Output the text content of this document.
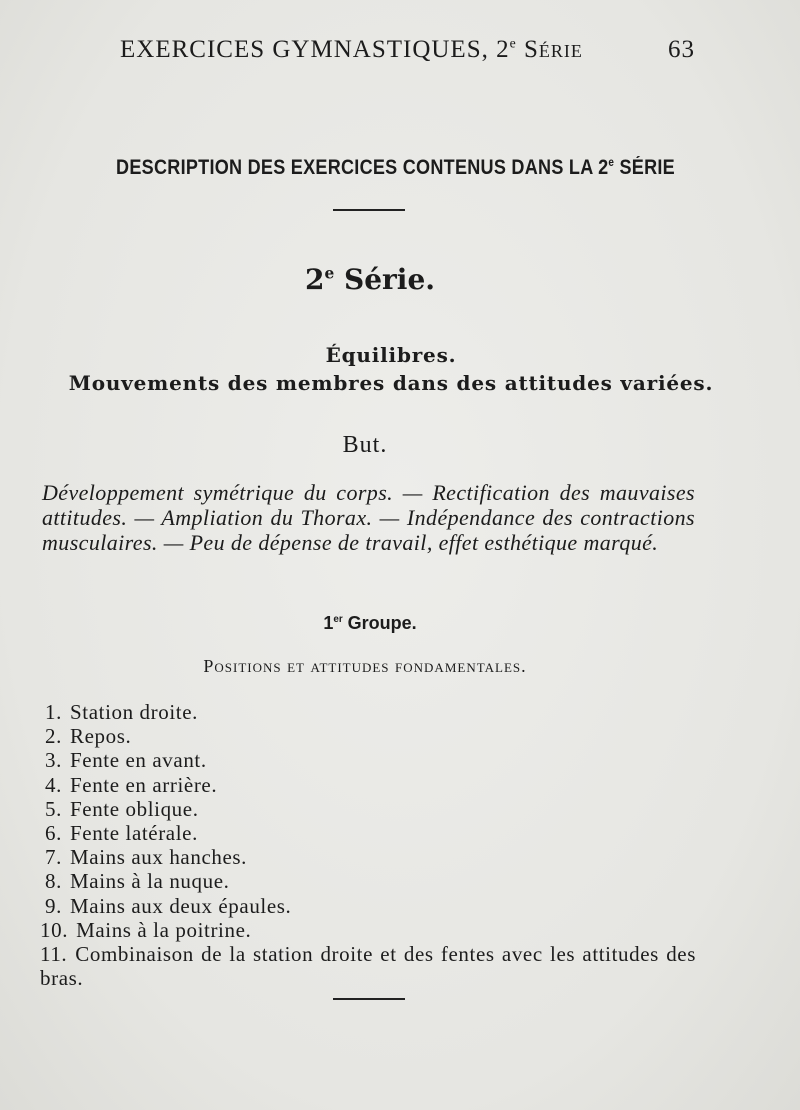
EXERCICES GYMNASTIQUES, 2e Série	63
DESCRIPTION DES EXERCICES CONTENUS DANS LA 2e SÉRIE
2e Série.
Équilibres.
Mouvements des membres dans des attitudes variées.
But.
Développement symétrique du corps. — Rectification des mauvaises attitudes. — Ampliation du Thorax. — Indépendance des contractions musculaires. — Peu de dépense de travail, effet esthétique marqué.
1er Groupe.
Positions et attitudes fondamentales.
1. Station droite.
2. Repos.
3. Fente en avant.
4. Fente en arrière.
5. Fente oblique.
6. Fente latérale.
7. Mains aux hanches.
8. Mains à la nuque.
9. Mains aux deux épaules.
10. Mains à la poitrine.
11. Combinaison de la station droite et des fentes avec les attitudes des bras.
